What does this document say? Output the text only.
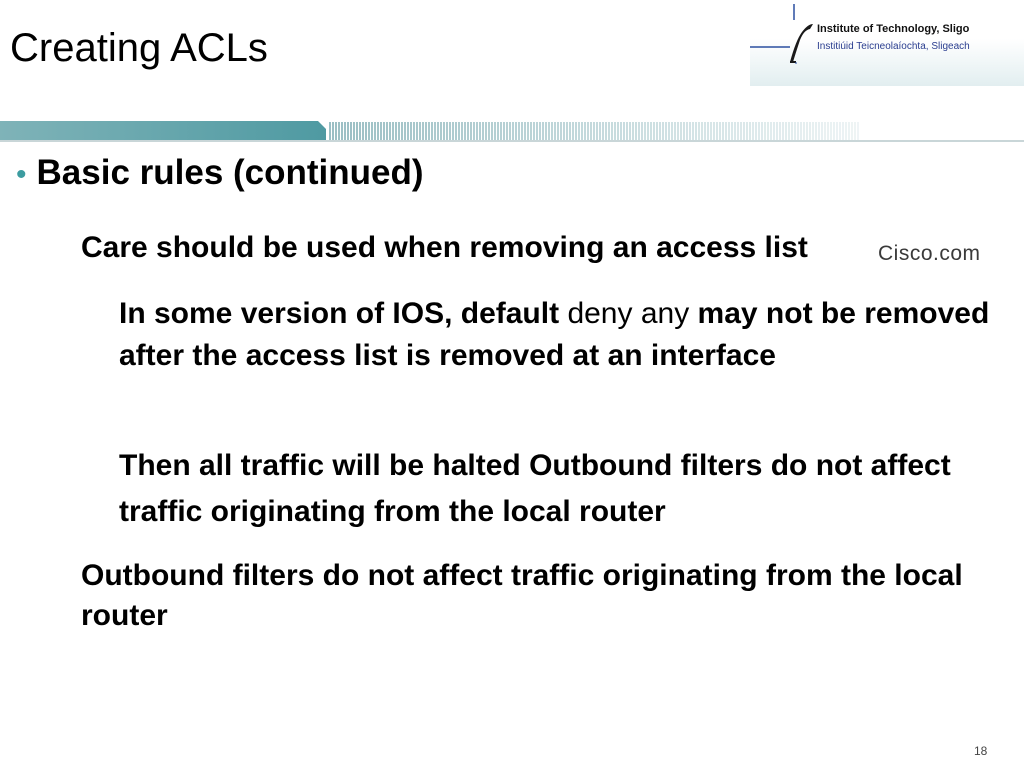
Creating ACLs	Institute of Technology, Sligo
Institiúid Teicneolaíochta, Sligeach
Cisco.com
• Basic rules (continued)
Care should be used when removing an access list
In some version of IOS, default deny any may not be removed after the access list is removed at an interface
Then all traffic will be halted Outbound filters do not affect traffic originating from the local router
Outbound filters do not affect traffic originating from the local router
18
